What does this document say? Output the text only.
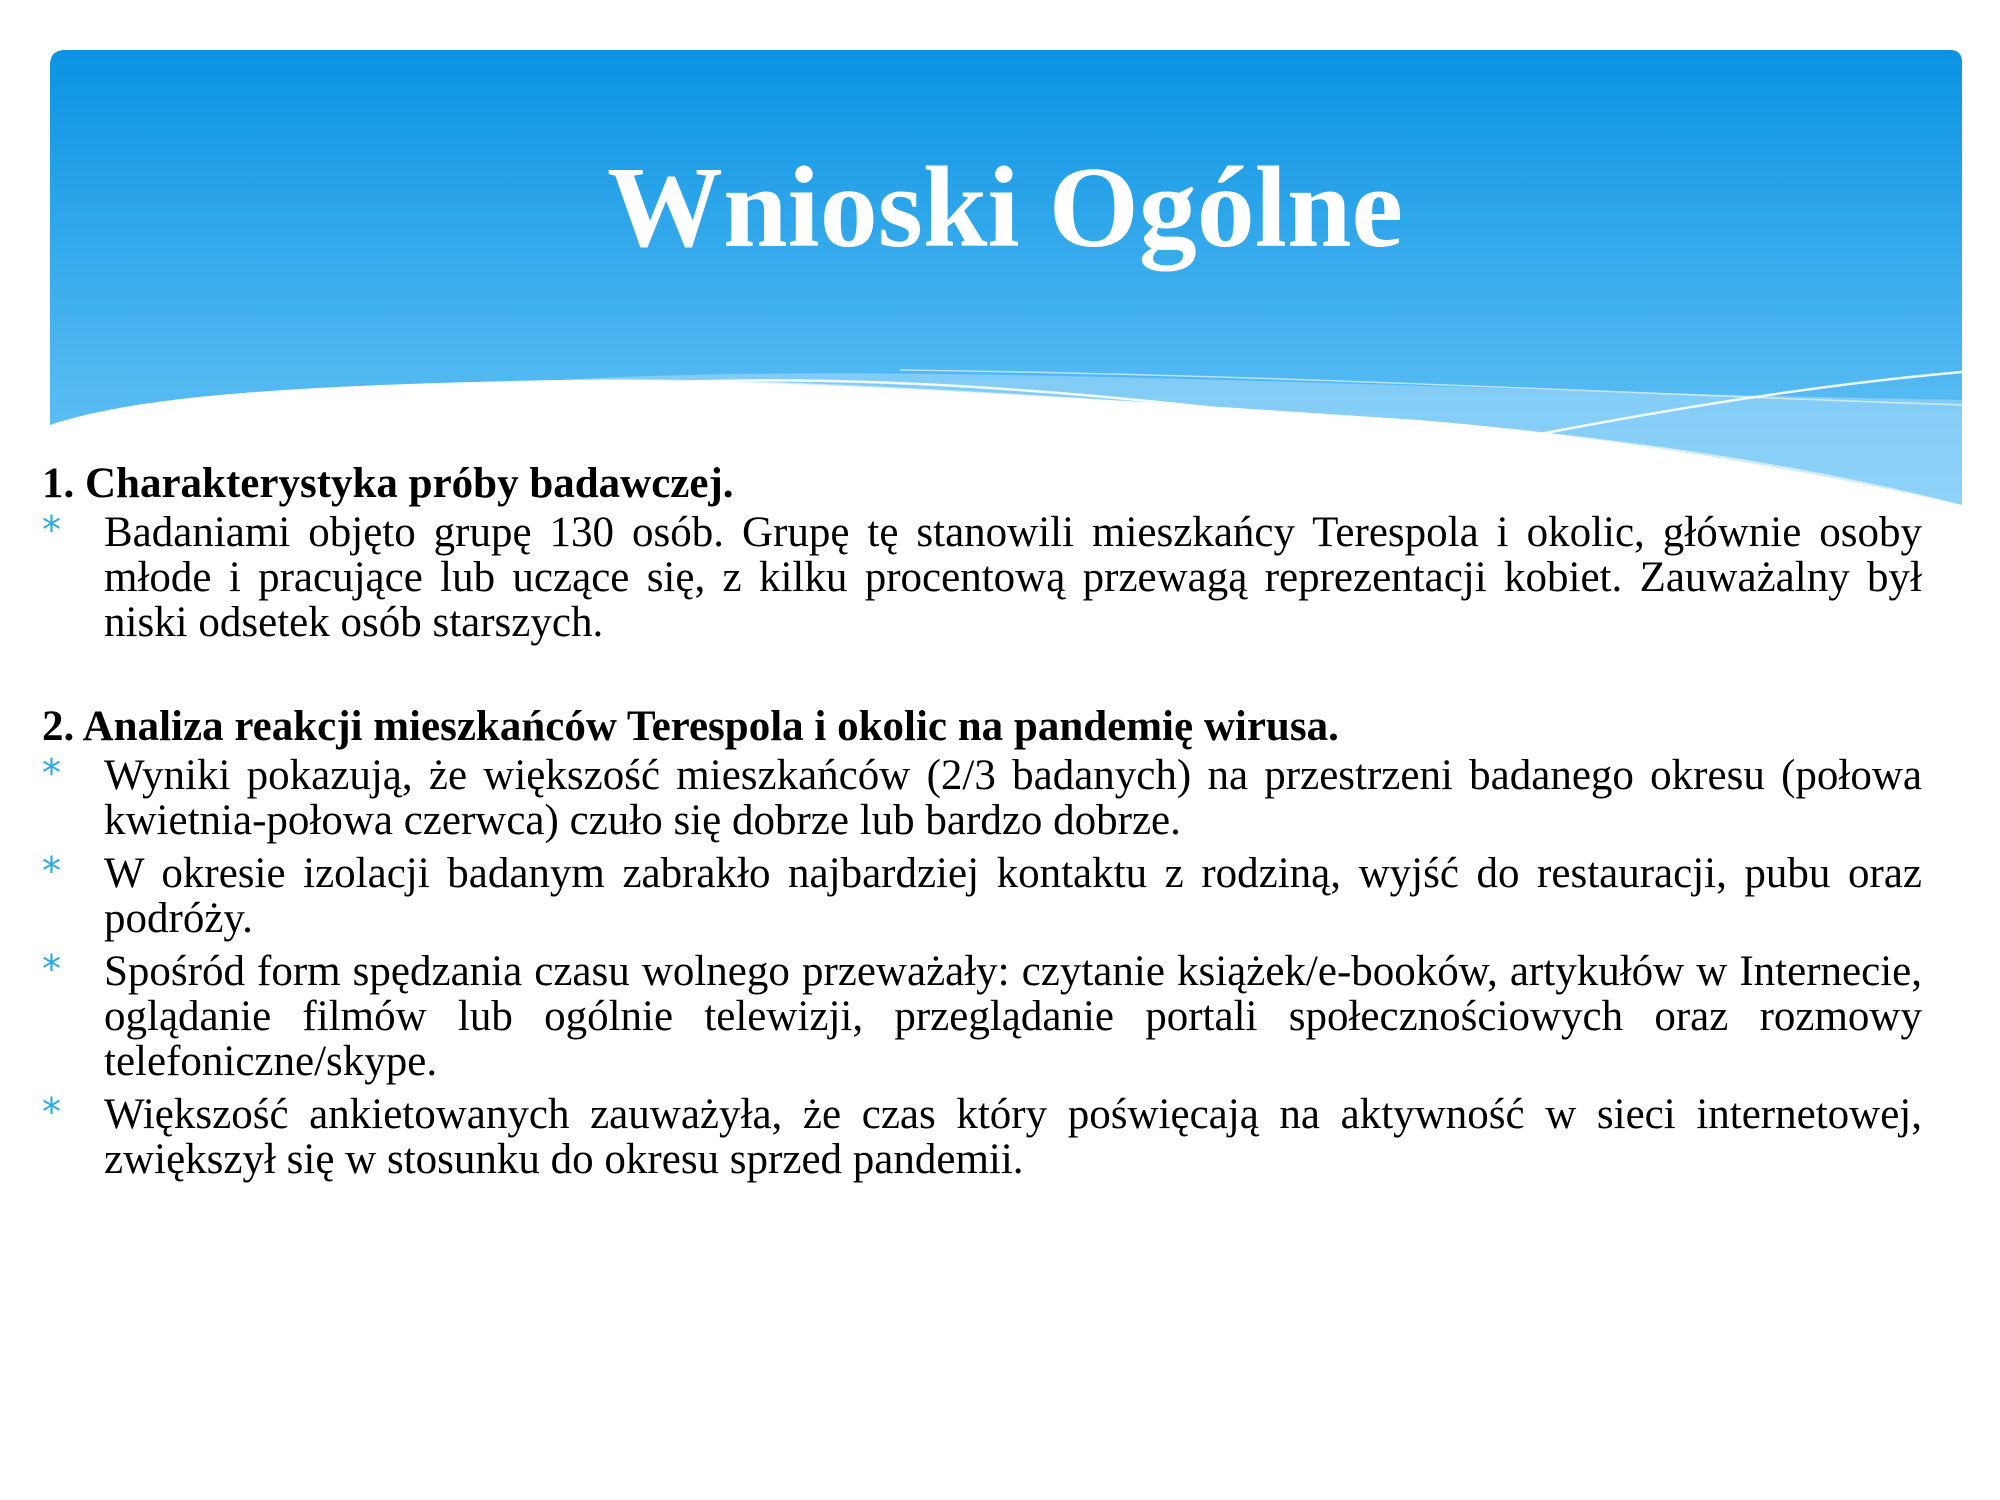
Wnioski Ogólne

1. Charakterystyka próby badawczej.

* Badaniami objęto grupę 130 osób. Grupę tę stanowili mieszkańcy Terespola i okolic, głównie osoby młode i pracujące lub uczące się, z kilku procentową przewagą reprezentacji kobiet. Zauważalny był niski odsetek osób starszych.

2. Analiza reakcji mieszkańców Terespola i okolic na pandemię wirusa.

* Wyniki pokazują, że większość mieszkańców (2/3 badanych) na przestrzeni badanego okresu (połowa kwietnia-połowa czerwca) czuło się dobrze lub bardzo dobrze.
* W okresie izolacji badanym zabrakło najbardziej kontaktu z rodziną, wyjść do restauracji, pubu oraz podróży.
* Spośród form spędzania czasu wolnego przeważały: czytanie książek/e-booków, artykułów w Internecie, oglądanie filmów lub ogólnie telewizji, przeglądanie portali społecznościowych oraz rozmowy telefoniczne/skype.
* Większość ankietowanych zauważyła, że czas który poświęcają na aktywność w sieci internetowej, zwiększył się w stosunku do okresu sprzed pandemii.
